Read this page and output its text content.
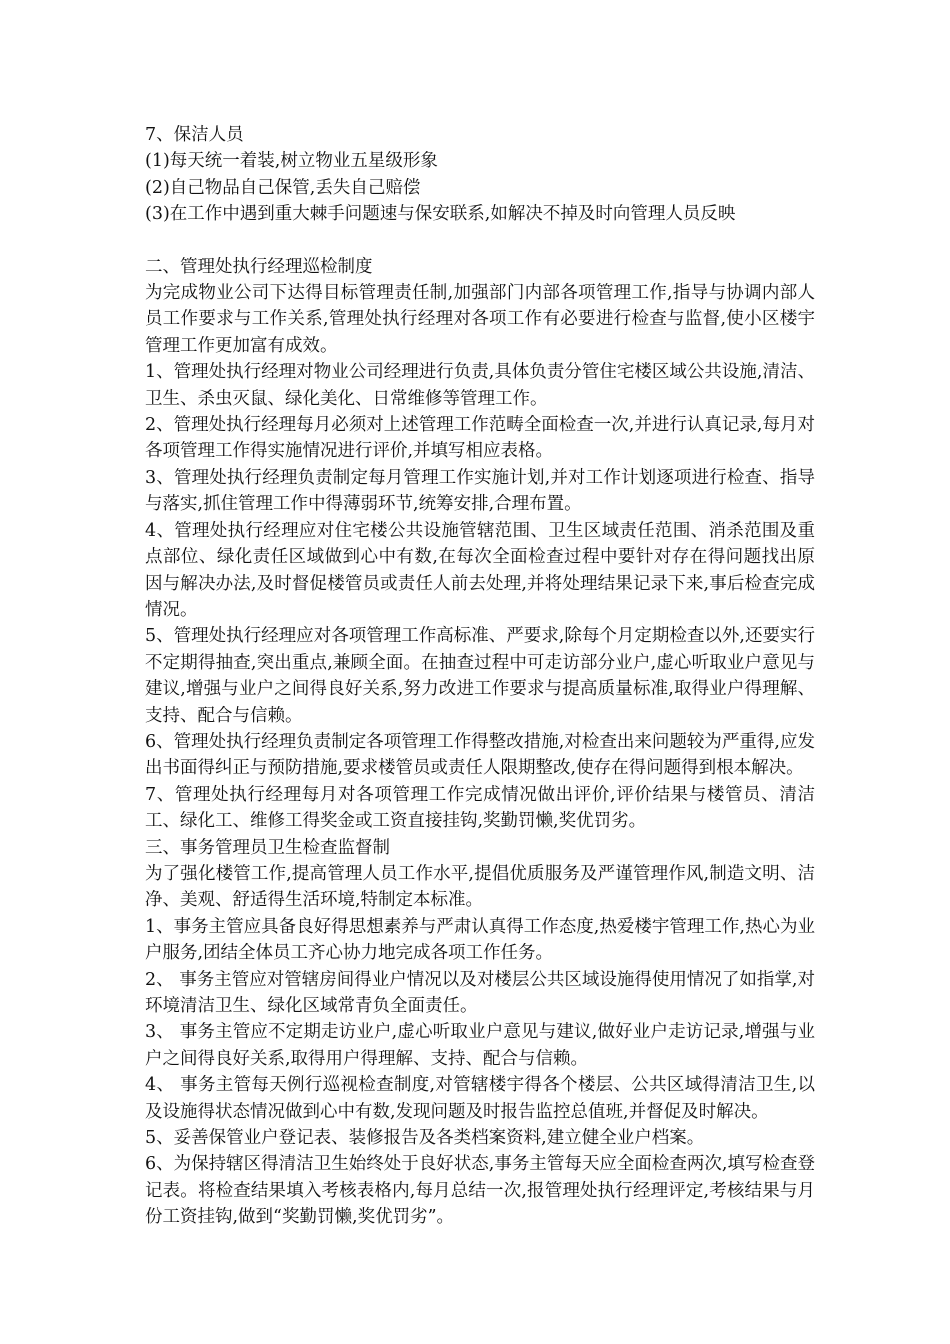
7、保洁人员

(1)每天统一着装,树立物业五星级形象

(2)自己物品自己保管,丢失自己赔偿

(3)在工作中遇到重大棘手问题速与保安联系,如解决不掉及时向管理人员反映

二、管理处执行经理巡检制度

为完成物业公司下达得目标管理责任制,加强部门内部各项管理工作,指导与协调内部人员工作要求与工作关系,管理处执行经理对各项工作有必要进行检查与监督,使小区楼宇管理工作更加富有成效。

1、管理处执行经理对物业公司经理进行负责,具体负责分管住宅楼区域公共设施,清洁、卫生、杀虫灭鼠、绿化美化、日常维修等管理工作。

2、管理处执行经理每月必须对上述管理工作范畴全面检查一次,并进行认真记录,每月对各项管理工作得实施情况进行评价,并填写相应表格。

3、管理处执行经理负责制定每月管理工作实施计划,并对工作计划逐项进行检查、指导与落实,抓住管理工作中得薄弱环节,统筹安排,合理布置。

4、管理处执行经理应对住宅楼公共设施管辖范围、卫生区域责任范围、消杀范围及重点部位、绿化责任区域做到心中有数,在每次全面检查过程中要针对存在得问题找出原因与解决办法,及时督促楼管员或责任人前去处理,并将处理结果记录下来,事后检查完成情况。

5、管理处执行经理应对各项管理工作高标准、严要求,除每个月定期检查以外,还要实行不定期得抽查,突出重点,兼顾全面。在抽查过程中可走访部分业户,虚心听取业户意见与建议,增强与业户之间得良好关系,努力改进工作要求与提高质量标准,取得业户得理解、支持、配合与信赖。

6、管理处执行经理负责制定各项管理工作得整改措施,对检查出来问题较为严重得,应发出书面得纠正与预防措施,要求楼管员或责任人限期整改,使存在得问题得到根本解决。

7、管理处执行经理每月对各项管理工作完成情况做出评价,评价结果与楼管员、清洁工、绿化工、维修工得奖金或工资直接挂钩,奖勤罚懒,奖优罚劣。

三、事务管理员卫生检查监督制

为了强化楼管工作,提高管理人员工作水平,提倡优质服务及严谨管理作风,制造文明、洁净、美观、舒适得生活环境,特制定本标准。

1、事务主管应具备良好得思想素养与严肃认真得工作态度,热爱楼宇管理工作,热心为业户服务,团结全体员工齐心协力地完成各项工作任务。

2、 事务主管应对管辖房间得业户情况以及对楼层公共区域设施得使用情况了如指掌,对环境清洁卫生、绿化区域常青负全面责任。

3、 事务主管应不定期走访业户,虚心听取业户意见与建议,做好业户走访记录,增强与业户之间得良好关系,取得用户得理解、支持、配合与信赖。

4、 事务主管每天例行巡视检查制度,对管辖楼宇得各个楼层、公共区域得清洁卫生,以及设施得状态情况做到心中有数,发现问题及时报告监控总值班,并督促及时解决。

5、妥善保管业户登记表、装修报告及各类档案资料,建立健全业户档案。

6、为保持辖区得清洁卫生始终处于良好状态,事务主管每天应全面检查两次,填写检查登记表。将检查结果填入考核表格内,每月总结一次,报管理处执行经理评定,考核结果与月份工资挂钩,做到“奖勤罚懒,奖优罚劣”。
